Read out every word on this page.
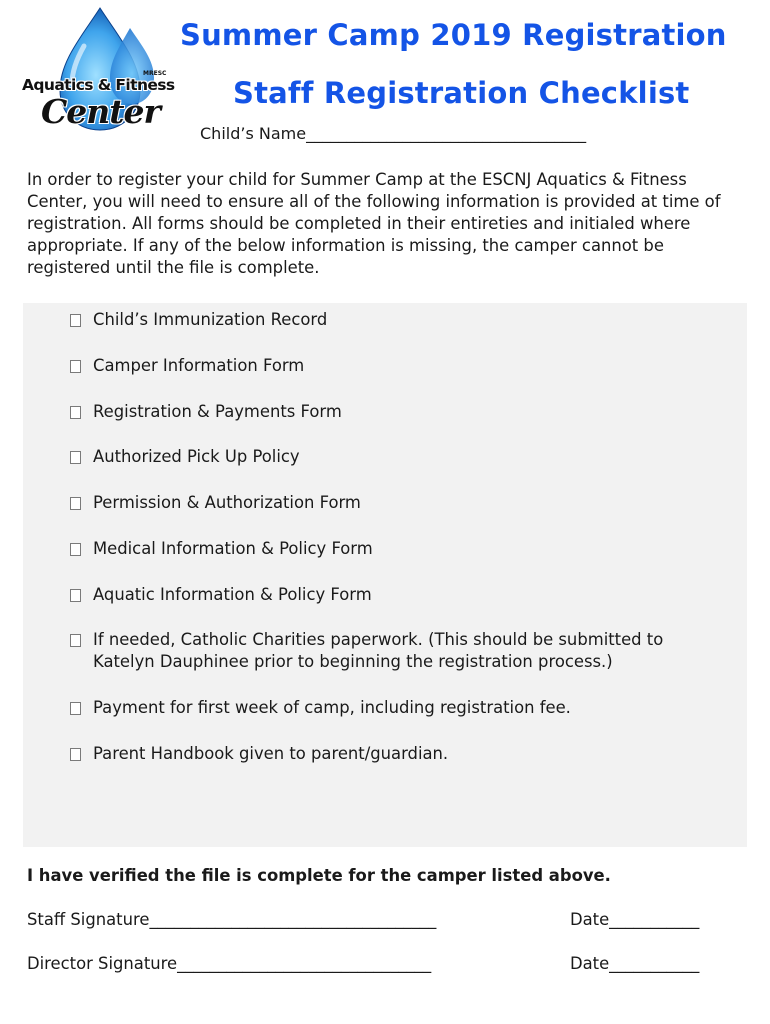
MRESC
Aquatics & Fitness
Center
Summer Camp 2019 Registration
Staff Registration Checklist
Child’s Name___________________________________
In order to register your child for Summer Camp at the ESCNJ Aquatics & Fitness Center, you will need to ensure all of the following information is provided at time of registration. All forms should be completed in their entireties and initialed where appropriate. If any of the below information is missing, the camper cannot be registered until the file is complete.
Child’s Immunization Record
Camper Information Form
Registration & Payments Form
Authorized Pick Up Policy
Permission & Authorization Form
Medical Information & Policy Form
Aquatic Information & Policy Form
If needed, Catholic Charities paperwork. (This should be submitted to Katelyn Dauphinee prior to beginning the registration process.)
Payment for first week of camp, including registration fee.
Parent Handbook given to parent/guardian.
I have verified the file is complete for the camper listed above.
Staff Signature___________________________________	Date___________
Director Signature_______________________________	Date___________
